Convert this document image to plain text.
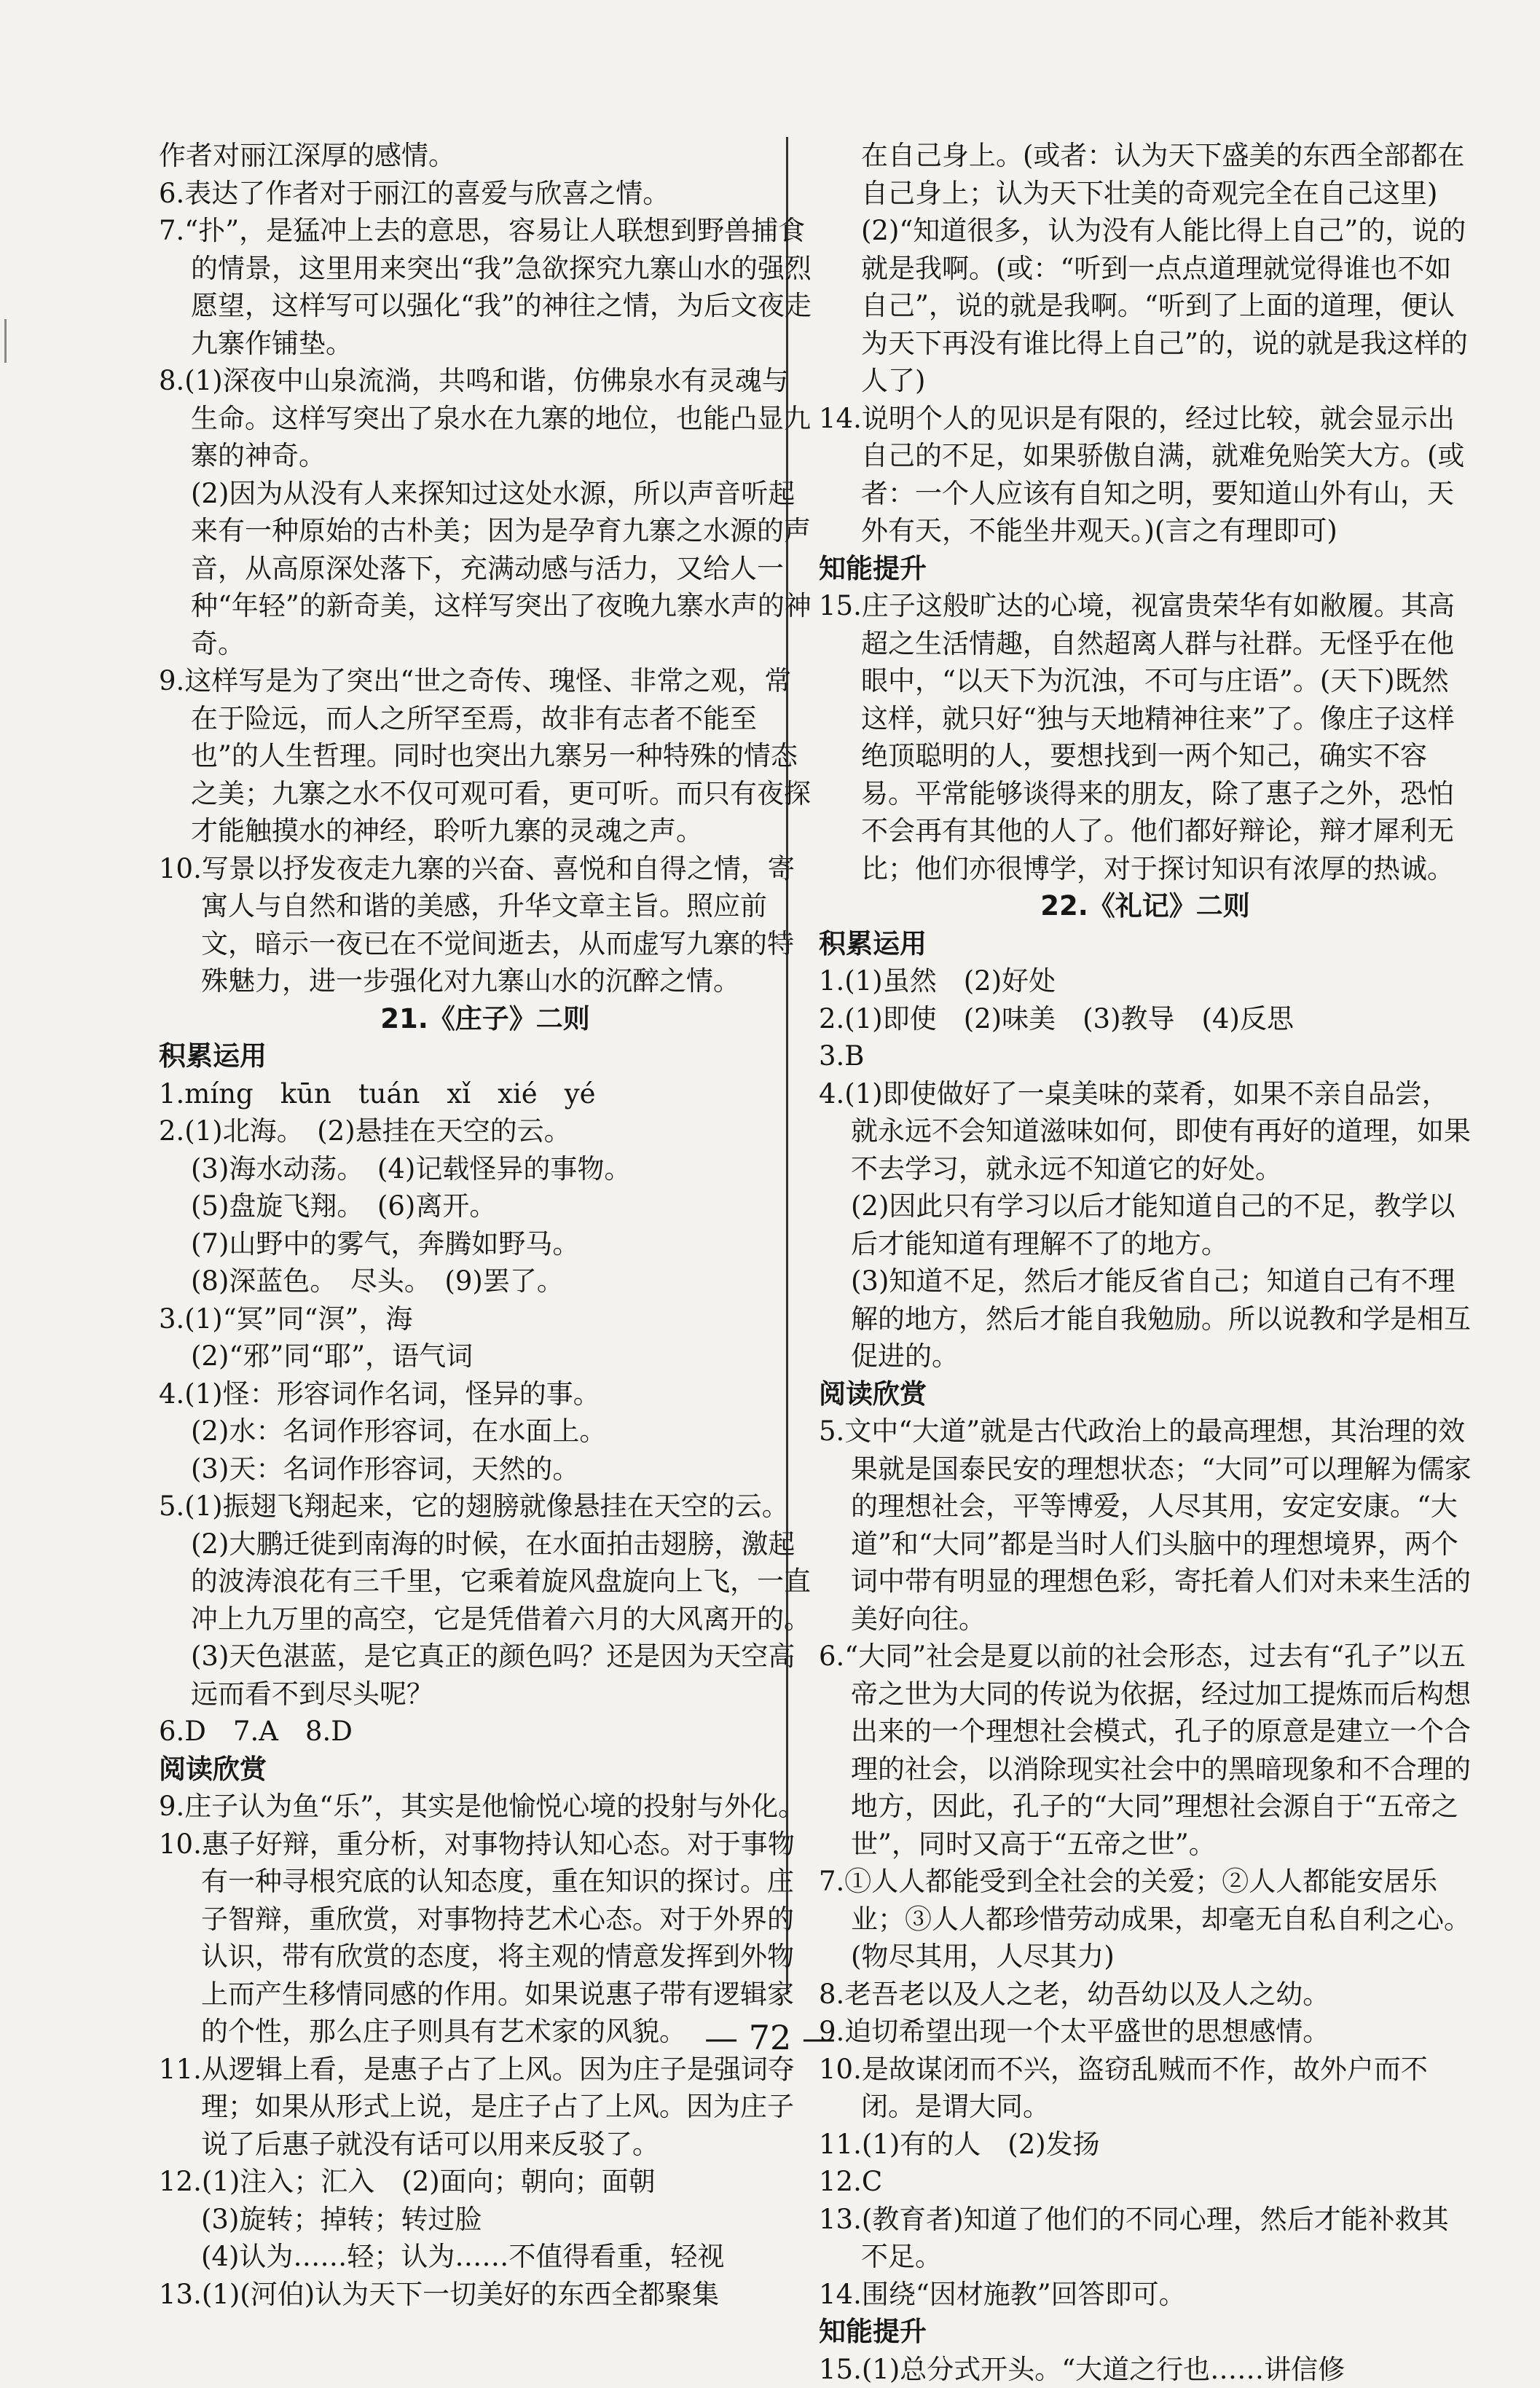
作者对丽江深厚的感情。

6.表达了作者对于丽江的喜爱与欣喜之情。

7.“扑”，是猛冲上去的意思，容易让人联想到野兽捕食的情景，这里用来突出“我”急欲探究九寨山水的强烈愿望，这样写可以强化“我”的神往之情，为后文夜走九寨作铺垫。

8.(1)深夜中山泉流淌，共鸣和谐，仿佛泉水有灵魂与生命。这样写突出了泉水在九寨的地位，也能凸显九寨的神奇。

(2)因为从没有人来探知过这处水源，所以声音听起来有一种原始的古朴美；因为是孕育九寨之水源的声音，从高原深处落下，充满动感与活力，又给人一种“年轻”的新奇美，这样写突出了夜晚九寨水声的神奇。

9.这样写是为了突出“世之奇传、瑰怪、非常之观，常在于险远，而人之所罕至焉，故非有志者不能至也”的人生哲理。同时也突出九寨另一种特殊的情态之美；九寨之水不仅可观可看，更可听。而只有夜探才能触摸水的神经，聆听九寨的灵魂之声。

10.写景以抒发夜走九寨的兴奋、喜悦和自得之情，寄寓人与自然和谐的美感，升华文章主旨。照应前文，暗示一夜已在不觉间逝去，从而虚写九寨的特殊魅力，进一步强化对九寨山水的沉醉之情。

21.《庄子》二则

积累运用

1.míng　kūn　tuán　xǐ　xié　yé

2.(1)北海。　(2)悬挂在天空的云。

(3)海水动荡。　(4)记载怪异的事物。

(5)盘旋飞翔。　(6)离开。

(7)山野中的雾气，奔腾如野马。

(8)深蓝色。　尽头。　(9)罢了。

3.(1)“冥”同“溟”，海

(2)“邪”同“耶”，语气词

4.(1)怪：形容词作名词，怪异的事。

(2)水：名词作形容词，在水面上。

(3)天：名词作形容词，天然的。

5.(1)振翅飞翔起来，它的翅膀就像悬挂在天空的云。

(2)大鹏迁徙到南海的时候，在水面拍击翅膀，激起的波涛浪花有三千里，它乘着旋风盘旋向上飞，一直冲上九万里的高空，它是凭借着六月的大风离开的。

(3)天色湛蓝，是它真正的颜色吗？还是因为天空高远而看不到尽头呢？

6.D　7.A　8.D

阅读欣赏

9.庄子认为鱼“乐”，其实是他愉悦心境的投射与外化。

10.惠子好辩，重分析，对事物持认知心态。对于事物有一种寻根究底的认知态度，重在知识的探讨。庄子智辩，重欣赏，对事物持艺术心态。对于外界的认识，带有欣赏的态度，将主观的情意发挥到外物上而产生移情同感的作用。如果说惠子带有逻辑家的个性，那么庄子则具有艺术家的风貌。

11.从逻辑上看，是惠子占了上风。因为庄子是强词夺理；如果从形式上说，是庄子占了上风。因为庄子说了后惠子就没有话可以用来反驳了。

12.(1)注入；汇入　(2)面向；朝向；面朝

(3)旋转；掉转；转过脸

(4)认为……轻；认为……不值得看重，轻视

13.(1)(河伯)认为天下一切美好的东西全都聚集

在自己身上。(或者：认为天下盛美的东西全部都在自己身上；认为天下壮美的奇观完全在自己这里)

(2)“知道很多，认为没有人能比得上自己”的，说的就是我啊。(或：“听到一点点道理就觉得谁也不如自己”，说的就是我啊。“听到了上面的道理，便认为天下再没有谁比得上自己”的，说的就是我这样的人了)

14.说明个人的见识是有限的，经过比较，就会显示出自己的不足，如果骄傲自满，就难免贻笑大方。(或者：一个人应该有自知之明，要知道山外有山，天外有天，不能坐井观天。)(言之有理即可)

知能提升

15.庄子这般旷达的心境，视富贵荣华有如敝履。其高超之生活情趣，自然超离人群与社群。无怪乎在他眼中，“以天下为沉浊，不可与庄语”。(天下)既然这样，就只好“独与天地精神往来”了。像庄子这样绝顶聪明的人，要想找到一两个知己，确实不容易。平常能够谈得来的朋友，除了惠子之外，恐怕不会再有其他的人了。他们都好辩论，辩才犀利无比；他们亦很博学，对于探讨知识有浓厚的热诚。

22.《礼记》二则

积累运用

1.(1)虽然　(2)好处

2.(1)即使　(2)味美　(3)教导　(4)反思

3.B

4.(1)即使做好了一桌美味的菜肴，如果不亲自品尝，就永远不会知道滋味如何，即使有再好的道理，如果不去学习，就永远不知道它的好处。

(2)因此只有学习以后才能知道自己的不足，教学以后才能知道有理解不了的地方。

(3)知道不足，然后才能反省自己；知道自己有不理解的地方，然后才能自我勉励。所以说教和学是相互促进的。

阅读欣赏

5.文中“大道”就是古代政治上的最高理想，其治理的效果就是国泰民安的理想状态；“大同”可以理解为儒家的理想社会，平等博爱，人尽其用，安定安康。“大道”和“大同”都是当时人们头脑中的理想境界，两个词中带有明显的理想色彩，寄托着人们对未来生活的美好向往。

6.“大同”社会是夏以前的社会形态，过去有“孔子”以五帝之世为大同的传说为依据，经过加工提炼而后构想出来的一个理想社会模式，孔子的原意是建立一个合理的社会，以消除现实社会中的黑暗现象和不合理的地方，因此，孔子的“大同”理想社会源自于“五帝之世”，同时又高于“五帝之世”。

7.①人人都能受到全社会的关爱；②人人都能安居乐业；③人人都珍惜劳动成果，却毫无自私自利之心。(物尽其用，人尽其力)

8.老吾老以及人之老，幼吾幼以及人之幼。

9.迫切希望出现一个太平盛世的思想感情。

10.是故谋闭而不兴，盗窃乱贼而不作，故外户而不闭。是谓大同。

11.(1)有的人　(2)发扬

12.C

13.(教育者)知道了他们的不同心理，然后才能补救其不足。

14.围绕“因材施教”回答即可。

知能提升

15.(1)总分式开头。“大道之行也……讲信修

— 72 —
